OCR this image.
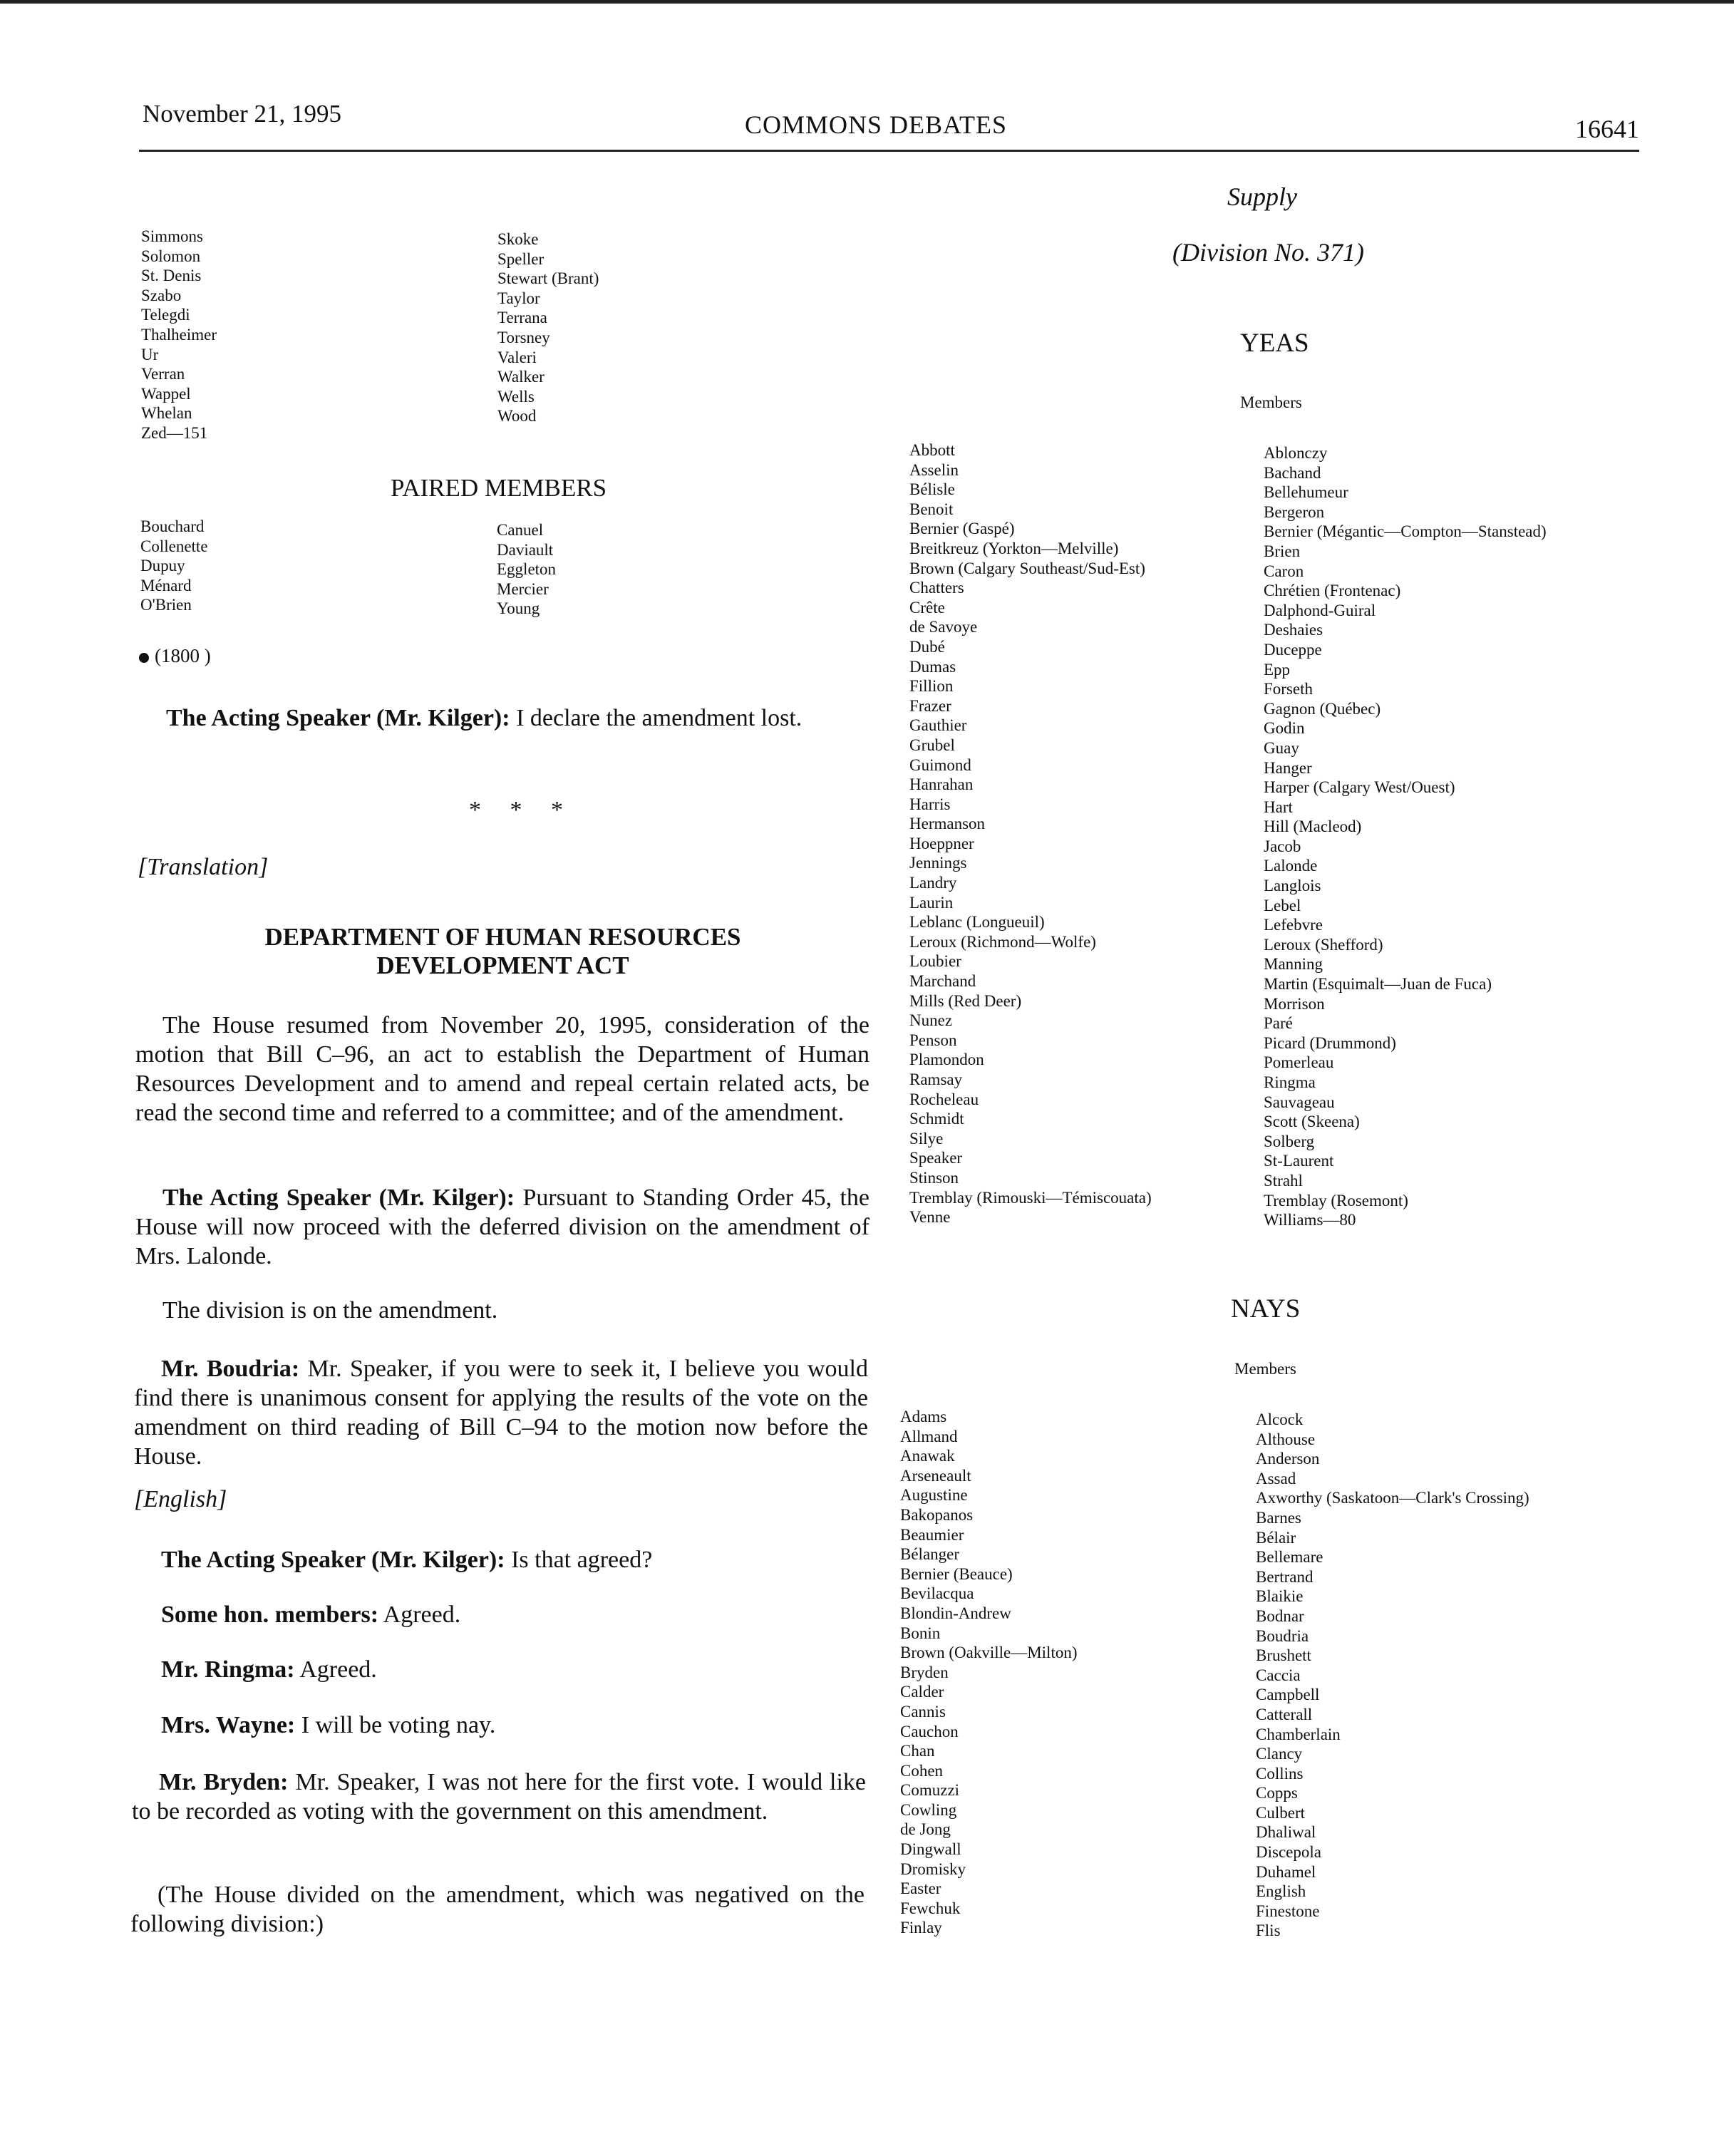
November 21, 1995	COMMONS DEBATES	16641
Simmons
Solomon
St. Denis
Szabo
Telegdi
Thalheimer
Ur
Verran
Wappel
Whelan
Zed—151
Skoke
Speller
Stewart (Brant)
Taylor
Terrana
Torsney
Valeri
Walker
Wells
Wood
PAIRED MEMBERS
Bouchard
Collenette
Dupuy
Ménard
O'Brien
Canuel
Daviault
Eggleton
Mercier
Young
(1800 )

The Acting Speaker (Mr. Kilger): I declare the amendment lost.

* * *
[Translation]
DEPARTMENT OF HUMAN RESOURCES
DEVELOPMENT ACT

The House resumed from November 20, 1995, consideration of the motion that Bill C–96, an act to establish the Department of Human Resources Development and to amend and repeal certain related acts, be read the second time and referred to a committee; and of the amendment.

The Acting Speaker (Mr. Kilger): Pursuant to Standing Order 45, the House will now proceed with the deferred division on the amendment of Mrs. Lalonde.

The division is on the amendment.

Mr. Boudria: Mr. Speaker, if you were to seek it, I believe you would find there is unanimous consent for applying the results of the vote on the amendment on third reading of Bill C–94 to the motion now before the House.

[English]

The Acting Speaker (Mr. Kilger): Is that agreed?

Some hon. members: Agreed.

Mr. Ringma: Agreed.

Mrs. Wayne: I will be voting nay.

Mr. Bryden: Mr. Speaker, I was not here for the first vote. I would like to be recorded as voting with the government on this amendment.

(The House divided on the amendment, which was negatived on the following division:)

Supply
(Division No. 371)
YEAS
Members
Abbott
Asselin
Bélisle
Benoit
Bernier (Gaspé)
Breitkreuz (Yorkton—Melville)
Brown (Calgary Southeast/Sud-Est)
Chatters
Crête
de Savoye
Dubé
Dumas
Fillion
Frazer
Gauthier
Grubel
Guimond
Hanrahan
Harris
Hermanson
Hoeppner
Jennings
Landry
Laurin
Leblanc (Longueuil)
Leroux (Richmond—Wolfe)
Loubier
Marchand
Mills (Red Deer)
Nunez
Penson
Plamondon
Ramsay
Rocheleau
Schmidt
Silye
Speaker
Stinson
Tremblay (Rimouski—Témiscouata)
Venne
Ablonczy
Bachand
Bellehumeur
Bergeron
Bernier (Mégantic—Compton—Stanstead)
Brien
Caron
Chrétien (Frontenac)
Dalphond-Guiral
Deshaies
Duceppe
Epp
Forseth
Gagnon (Québec)
Godin
Guay
Hanger
Harper (Calgary West/Ouest)
Hart
Hill (Macleod)
Jacob
Lalonde
Langlois
Lebel
Lefebvre
Leroux (Shefford)
Manning
Martin (Esquimalt—Juan de Fuca)
Morrison
Paré
Picard (Drummond)
Pomerleau
Ringma
Sauvageau
Scott (Skeena)
Solberg
St-Laurent
Strahl
Tremblay (Rosemont)
Williams—80
NAYS
Members
Adams
Allmand
Anawak
Arseneault
Augustine
Bakopanos
Beaumier
Bélanger
Bernier (Beauce)
Bevilacqua
Blondin-Andrew
Bonin
Brown (Oakville—Milton)
Bryden
Calder
Cannis
Cauchon
Chan
Cohen
Comuzzi
Cowling
de Jong
Dingwall
Dromisky
Easter
Fewchuk
Finlay
Alcock
Althouse
Anderson
Assad
Axworthy (Saskatoon—Clark's Crossing)
Barnes
Bélair
Bellemare
Bertrand
Blaikie
Bodnar
Boudria
Brushett
Caccia
Campbell
Catterall
Chamberlain
Clancy
Collins
Copps
Culbert
Dhaliwal
Discepola
Duhamel
English
Finestone
Flis
